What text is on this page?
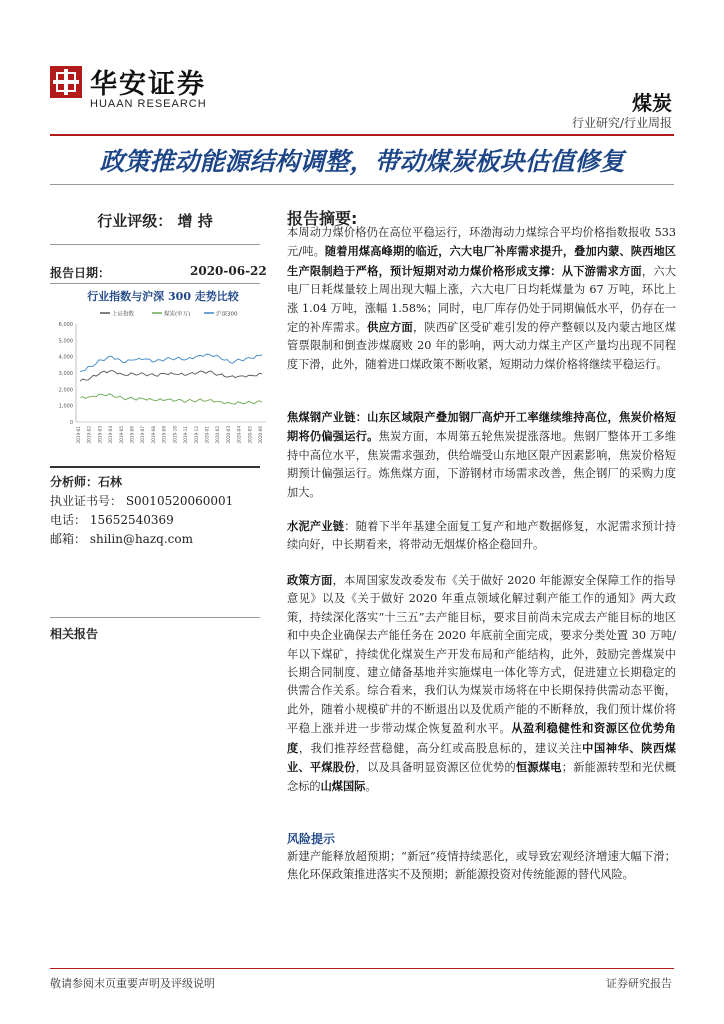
华安证券
HUAAN RESEARCH	煤炭
行业研究/行业周报
政策推动能源结构调整，带动煤炭板块估值修复
行业评级： 增 持
报告日期：	2020-06-22
行业指数与沪深 300 走势比较
上证指数	煤炭(申万)	沪深300
6,000
5,000
4,000
3,000
2,000
1,000
0
2019-01 2019-02 2019-03 2019-04 2019-05 2019-06 2019-07 2019-08 2019-09 2019-10 2019-11 2019-12 2020-01 2020-02 2020-03 2020-04 2020-05 2020-06
分析师：石林
执业证书号： S0010520060001
电话： 15652540369
邮箱： shilin@hazq.com
相关报告
报告摘要:
本周动力煤价格仍在高位平稳运行，环渤海动力煤综合平均价格指数报收 533 元/吨。随着用煤高峰期的临近，六大电厂补库需求提升，叠加内蒙、陕西地区生产限制趋于严格，预计短期对动力煤价格形成支撑：从下游需求方面，六大电厂日耗煤量较上周出现大幅上涨，六大电厂日均耗煤量为 67 万吨，环比上涨 1.04 万吨，涨幅 1.58%；同时，电厂库存仍处于同期偏低水平，仍存在一定的补库需求。供应方面，陕西矿区受矿难引发的停产整顿以及内蒙古地区煤管票限制和倒查涉煤腐败 20 年的影响，两大动力煤主产区产量均出现不同程度下滑，此外，随着进口煤政策不断收紧，短期动力煤价格将继续平稳运行。
焦煤钢产业链：山东区域限产叠加钢厂高炉开工率继续维持高位，焦炭价格短期将仍偏强运行。焦炭方面，本周第五轮焦炭提涨落地。焦钢厂整体开工多维持中高位水平，焦炭需求强劲，供给端受山东地区限产因素影响，焦炭价格短期预计偏强运行。炼焦煤方面，下游钢材市场需求改善，焦企钢厂的采购力度加大。
水泥产业链：随着下半年基建全面复工复产和地产数据修复，水泥需求预计持续向好，中长期看来，将带动无烟煤价格企稳回升。
政策方面，本周国家发改委发布《关于做好 2020 年能源安全保障工作的指导意见》以及《关于做好 2020 年重点领域化解过剩产能工作的通知》两大政策，持续深化落实“十三五”去产能目标，要求目前尚未完成去产能目标的地区和中央企业确保去产能任务在 2020 年底前全面完成，要求分类处置 30 万吨/年以下煤矿，持续优化煤炭生产开发布局和产能结构，此外，鼓励完善煤炭中长期合同制度、建立储备基地并实施煤电一体化等方式，促进建立长期稳定的供需合作关系。综合看来，我们认为煤炭市场将在中长期保持供需动态平衡，此外，随着小规模矿井的不断退出以及优质产能的不断释放，我们预计煤价将平稳上涨并进一步带动煤企恢复盈利水平。从盈利稳健性和资源区位优势角度，我们推荐经营稳健，高分红或高股息标的，建议关注中国神华、陕西煤业、平煤股份，以及具备明显资源区位优势的恒源煤电；新能源转型和光伏概念标的山煤国际。
风险提示
新建产能释放超预期；“新冠”疫情持续恶化，或导致宏观经济增速大幅下滑；焦化环保政策推进落实不及预期；新能源投资对传统能源的替代风险。
敬请参阅末页重要声明及评级说明	证券研究报告
